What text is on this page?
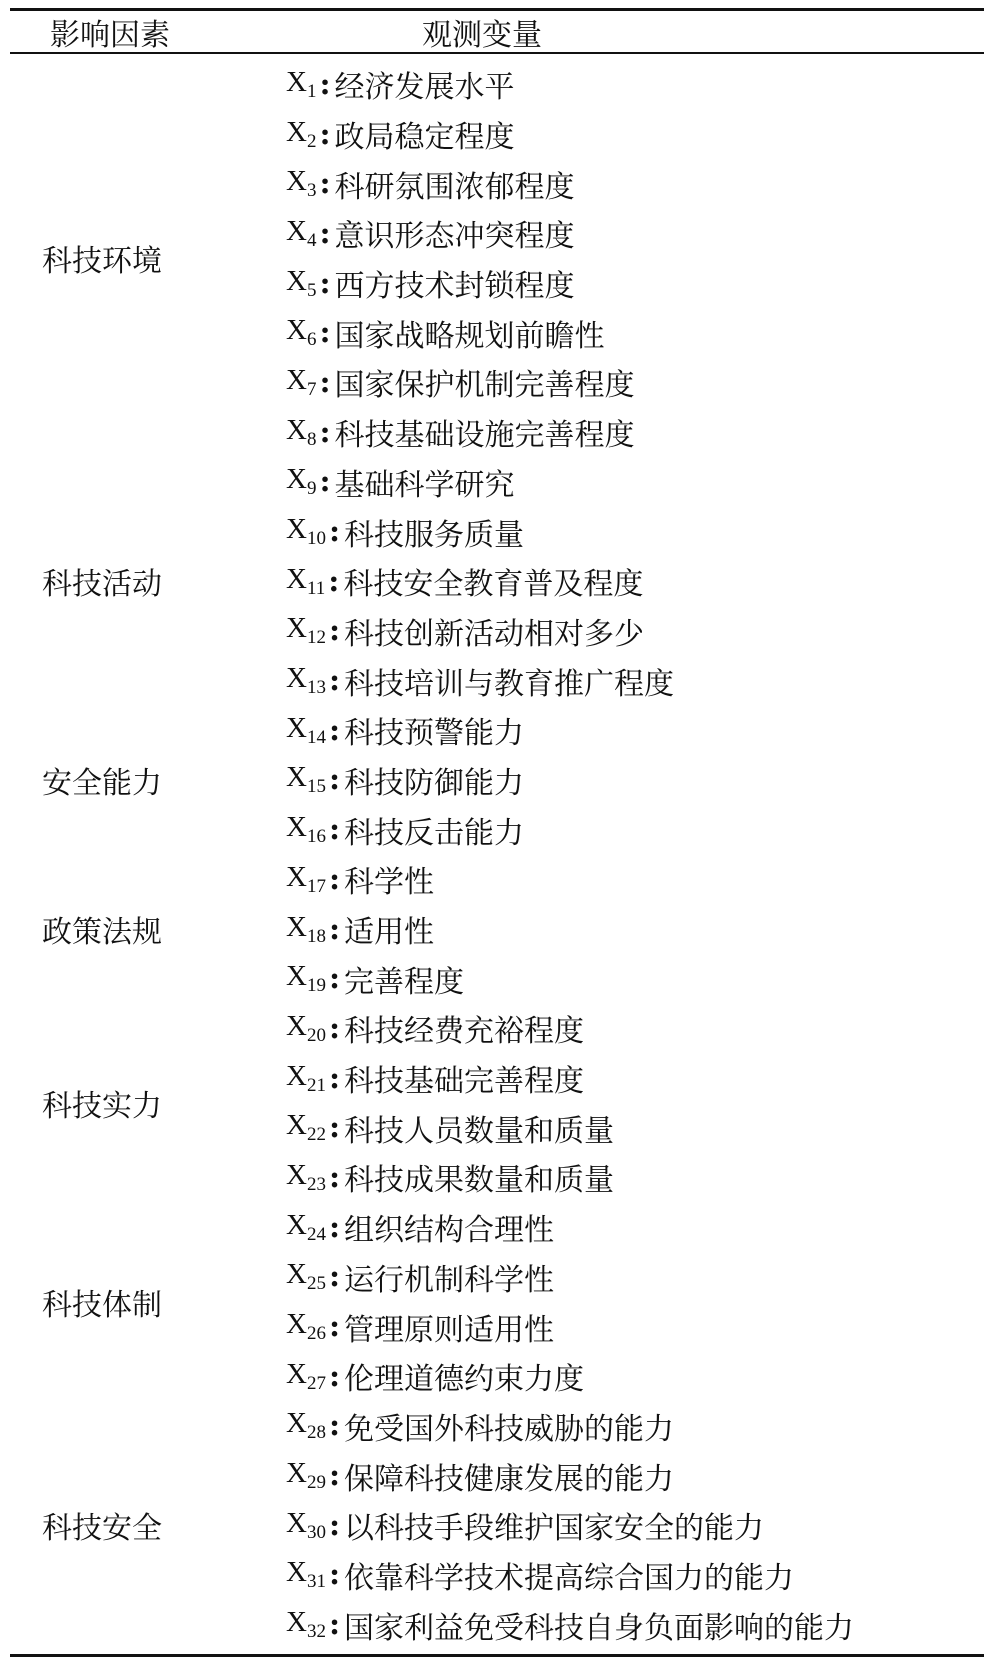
影响因素	观测变量
科技环境
$X_1$ : 经济发展水平
$X_2$ : 政局稳定程度
$X_3$ : 科研氛围浓郁程度
$X_4$ : 意识形态冲突程度
$X_5$ : 西方技术封锁程度
$X_6$ : 国家战略规划前瞻性
$X_7$ : 国家保护机制完善程度
$X_8$ : 科技基础设施完善程度
科技活动
$X_9$ : 基础科学研究
$X_{10}$ : 科技服务质量
$X_{11}$ : 科技安全教育普及程度
$X_{12}$ : 科技创新活动相对多少
$X_{13}$ : 科技培训与教育推广程度
安全能力
$X_{14}$ : 科技预警能力
$X_{15}$ : 科技防御能力
$X_{16}$ : 科技反击能力
政策法规
$X_{17}$ : 科学性
$X_{18}$ : 适用性
$X_{19}$ : 完善程度
科技实力
$X_{20}$ : 科技经费充裕程度
$X_{21}$ : 科技基础完善程度
$X_{22}$ : 科技人员数量和质量
$X_{23}$ : 科技成果数量和质量
科技体制
$X_{24}$ : 组织结构合理性
$X_{25}$ : 运行机制科学性
$X_{26}$ : 管理原则适用性
$X_{27}$ : 伦理道德约束力度
科技安全
$X_{28}$ : 免受国外科技威胁的能力
$X_{29}$ : 保障科技健康发展的能力
$X_{30}$ : 以科技手段维护国家安全的能力
$X_{31}$ : 依靠科学技术提高综合国力的能力
$X_{32}$ : 国家利益免受科技自身负面影响的能力
